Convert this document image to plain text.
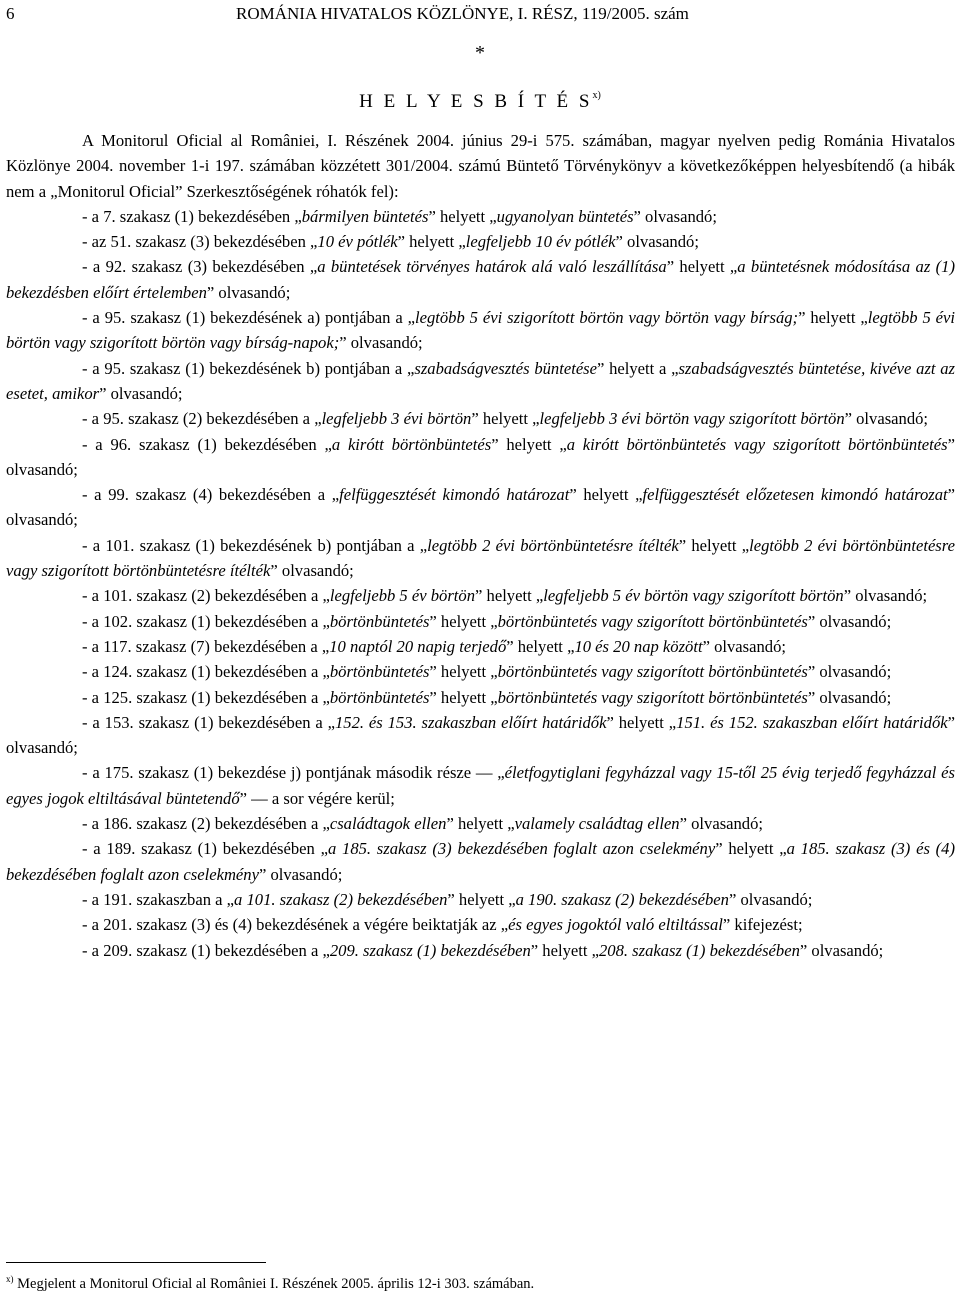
6	ROMÁNIA HIVATALOS KÖZLÖNYE, I. RÉSZ, 119/2005. szám
*
H E L Y E S B Í T É $S^{x)}$

A Monitorul Oficial al României, I. Részének 2004. június 29-i 575. számában, magyar nyelven pedig Románia Hivatalos Közlönye 2004. november 1-i 197. számában közzétett 301/2004. számú Büntető Törvénykönyv a következőképpen helyesbítendő (a hibák nem a „Monitorul Oficial” Szerkesztőségének róhatók fel):

- a 7. szakasz (1) bekezdésében „bármilyen büntetés” helyett „ugyanolyan büntetés” olvasandó;

- az 51. szakasz (3) bekezdésében „10 év pótlék” helyett „legfeljebb 10 év pótlék” olvasandó;

- a 92. szakasz (3) bekezdésében „a büntetések törvényes határok alá való leszállítása” helyett „a büntetésnek módosítása az (1) bekezdésben előírt értelemben” olvasandó;

- a 95. szakasz (1) bekezdésének a) pontjában a „legtöbb 5 évi szigorított börtön vagy börtön vagy bírság;” helyett „legtöbb 5 évi börtön vagy szigorított börtön vagy bírság-napok;” olvasandó;

- a 95. szakasz (1) bekezdésének b) pontjában a „szabadságvesztés büntetése” helyett a „szabadságvesztés büntetése, kivéve azt az esetet, amikor” olvasandó;

- a 95. szakasz (2) bekezdésében a „legfeljebb 3 évi börtön” helyett „legfeljebb 3 évi börtön vagy szigorított börtön” olvasandó;

- a 96. szakasz (1) bekezdésében „a kirótt börtönbüntetés” helyett „a kirótt börtönbüntetés vagy szigorított börtönbüntetés” olvasandó;

- a 99. szakasz (4) bekezdésében a „felfüggesztését kimondó határozat” helyett „felfüggesztését előzetesen kimondó határozat” olvasandó;

- a 101. szakasz (1) bekezdésének b) pontjában a „legtöbb 2 évi börtönbüntetésre ítélték” helyett „legtöbb 2 évi börtönbüntetésre vagy szigorított börtönbüntetésre ítélték” olvasandó;

- a 101. szakasz (2) bekezdésében a „legfeljebb 5 év börtön” helyett „legfeljebb 5 év börtön vagy szigorított börtön” olvasandó;

- a 102. szakasz (1) bekezdésében a „börtönbüntetés” helyett „börtönbüntetés vagy szigorított börtönbüntetés” olvasandó;

- a 117. szakasz (7) bekezdésében a „10 naptól 20 napig terjedő” helyett „10 és 20 nap között” olvasandó;

- a 124. szakasz (1) bekezdésében a „börtönbüntetés” helyett „börtönbüntetés vagy szigorított börtönbüntetés” olvasandó;

- a 125. szakasz (1) bekezdésében a „börtönbüntetés” helyett „börtönbüntetés vagy szigorított börtönbüntetés” olvasandó;

- a 153. szakasz (1) bekezdésében a „152. és 153. szakaszban előírt határidők” helyett „151. és 152. szakaszban előírt határidők” olvasandó;

- a 175. szakasz (1) bekezdése j) pontjának második része — „életfogytiglani fegyházzal vagy 15-től 25 évig terjedő fegyházzal és egyes jogok eltiltásával büntetendő” — a sor végére kerül;

- a 186. szakasz (2) bekezdésében a „családtagok ellen” helyett „valamely családtag ellen” olvasandó;

- a 189. szakasz (1) bekezdésében „a 185. szakasz (3) bekezdésében foglalt azon cselekmény” helyett „a 185. szakasz (3) és (4) bekezdésében foglalt azon cselekmény” olvasandó;

- a 191. szakaszban a „a 101. szakasz (2) bekezdésében” helyett „a 190. szakasz (2) bekezdésében” olvasandó;

- a 201. szakasz (3) és (4) bekezdésének a végére beiktatják az „és egyes jogoktól való eltiltással” kifejezést;

- a 209. szakasz (1) bekezdésében a „209. szakasz (1) bekezdésében” helyett „208. szakasz (1) bekezdésében” olvasandó;

$^{x)}$ Megjelent a Monitorul Oficial al României I. Részének 2005. április 12-i 303. számában.
